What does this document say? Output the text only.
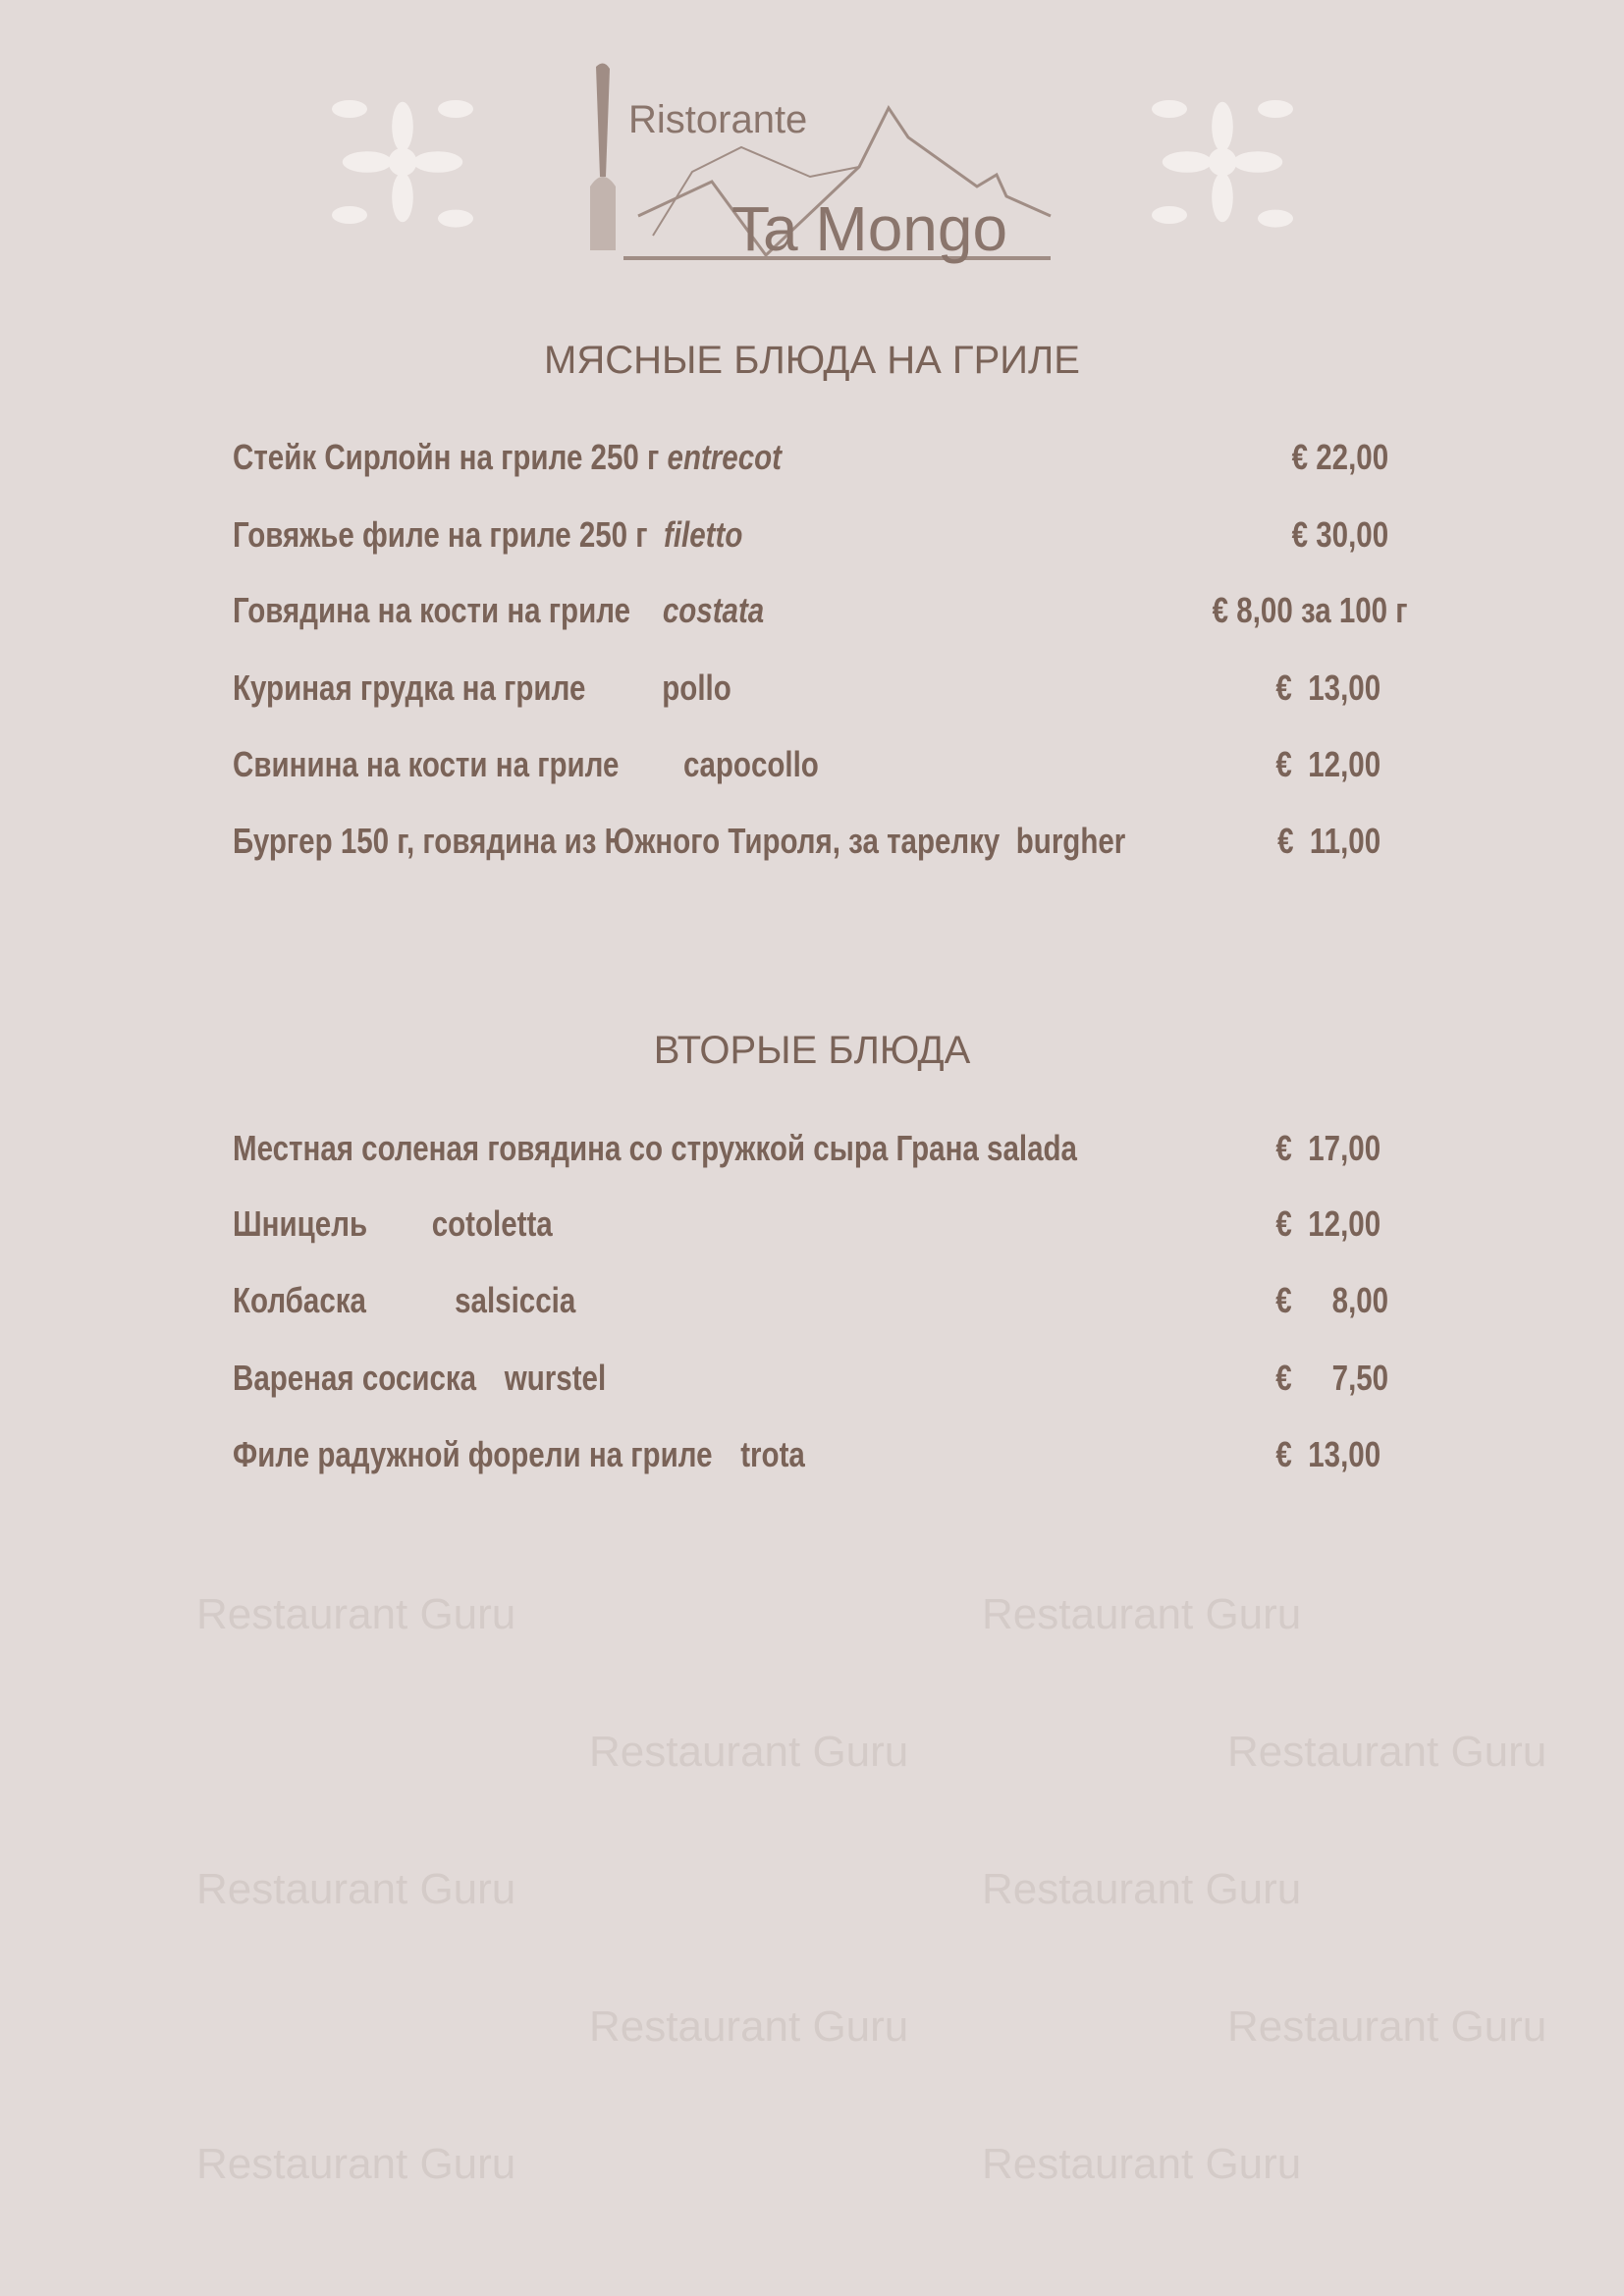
Restaurant Guru	Restaurant Guru
Restaurant Guru	Restaurant Guru
Restaurant Guru	Restaurant Guru
Restaurant Guru	Restaurant Guru
Restaurant Guru	Restaurant Guru
Ristorante
Ta Mongo
МЯСНЫЕ БЛЮДА НА ГРИЛЕ
Стейк Сирлойн на гриле 250 г entrecot	€ 22,00
Говяжье филе на гриле 250 г filetto	€ 30,00
Говядина на кости на гриле costata	€ 8,00 за 100 г
Куриная грудка на гриле pollo	€  13,00
Свинина на кости на гриле capocollo	€  12,00
Бургер 150 г, говядина из Южного Тироля, за тарелку burgher	€  11,00
ВТОРЫЕ БЛЮДА
Местная соленая говядина со стружкой сыра Грана salada	€  17,00
Шницель cotoletta	€  12,00
Колбаска	salsiccia	€     8,00
Вареная сосиска wurstel	€     7,50
Филе радужной форели на гриле trota	€  13,00
